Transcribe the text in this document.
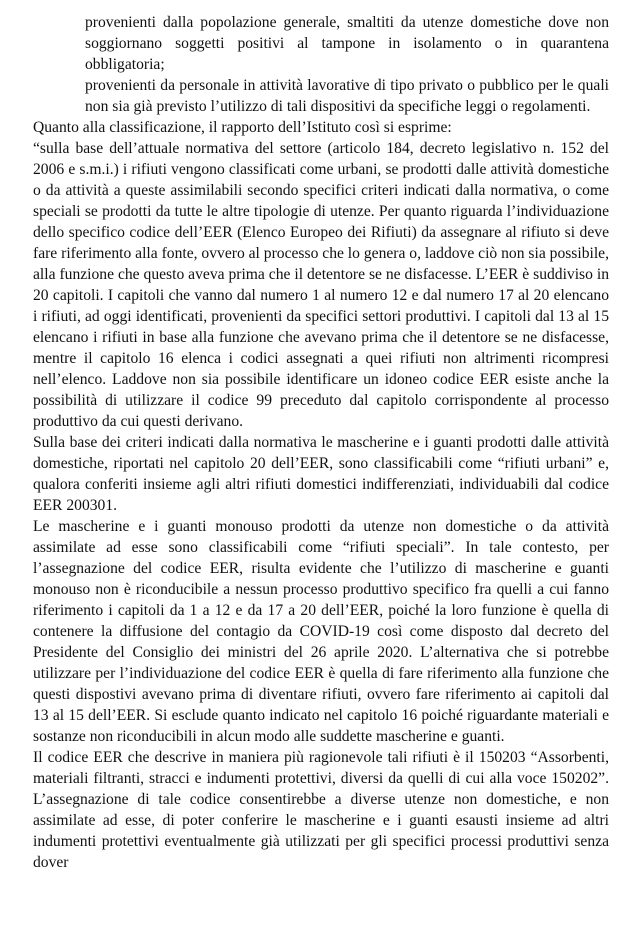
provenienti dalla popolazione generale, smaltiti da utenze domestiche dove non soggiornano soggetti positivi al tampone in isolamento o in quarantena obbligatoria;

provenienti da personale in attività lavorative di tipo privato o pubblico per le quali non sia già previsto l’utilizzo di tali dispositivi da specifiche leggi o regolamenti.

Quanto alla classificazione, il rapporto dell’Istituto così si esprime:

“sulla base dell’attuale normativa del settore (articolo 184, decreto legislativo n. 152 del 2006 e s.m.i.) i rifiuti vengono classificati come urbani, se prodotti dalle attività domestiche o da attività a queste assimilabili secondo specifici criteri indicati dalla normativa, o come speciali se prodotti da tutte le altre tipologie di utenze. Per quanto riguarda l’individuazione dello specifico codice dell’EER (Elenco Europeo dei Rifiuti) da assegnare al rifiuto si deve fare riferimento alla fonte, ovvero al processo che lo genera o, laddove ciò non sia possibile, alla funzione che questo aveva prima che il detentore se ne disfacesse. L’EER è suddiviso in 20 capitoli. I capitoli che vanno dal numero 1 al numero 12 e dal numero 17 al 20 elencano i rifiuti, ad oggi identificati, provenienti da specifici settori produttivi. I capitoli dal 13 al 15 elencano i rifiuti in base alla funzione che avevano prima che il detentore se ne disfacesse, mentre il capitolo 16 elenca i codici assegnati a quei rifiuti non altrimenti ricompresi nell’elenco. Laddove non sia possibile identificare un idoneo codice EER esiste anche la possibilità di utilizzare il codice 99 preceduto dal capitolo corrispondente al processo produttivo da cui questi derivano.

Sulla base dei criteri indicati dalla normativa le mascherine e i guanti prodotti dalle attività domestiche, riportati nel capitolo 20 dell’EER, sono classificabili come “rifiuti urbani” e, qualora conferiti insieme agli altri rifiuti domestici indifferenziati, individuabili dal codice EER 200301.

Le mascherine e i guanti monouso prodotti da utenze non domestiche o da attività assimilate ad esse sono classificabili come “rifiuti speciali”. In tale contesto, per l’assegnazione del codice EER, risulta evidente che l’utilizzo di mascherine e guanti monouso non è riconducibile a nessun processo produttivo specifico fra quelli a cui fanno riferimento i capitoli da 1 a 12 e da 17 a 20 dell’EER, poiché la loro funzione è quella di contenere la diffusione del contagio da COVID-19 così come disposto dal decreto del Presidente del Consiglio dei ministri del 26 aprile 2020. L’alternativa che si potrebbe utilizzare per l’individuazione del codice EER è quella di fare riferimento alla funzione che questi dispostivi avevano prima di diventare rifiuti, ovvero fare riferimento ai capitoli dal 13 al 15 dell’EER. Si esclude quanto indicato nel capitolo 16 poiché riguardante materiali e sostanze non riconducibili in alcun modo alle suddette mascherine e guanti.

Il codice EER che descrive in maniera più ragionevole tali rifiuti è il 150203 “Assorbenti, materiali filtranti, stracci e indumenti protettivi, diversi da quelli di cui alla voce 150202”. L’assegnazione di tale codice consentirebbe a diverse utenze non domestiche, e non assimilate ad esse, di poter conferire le mascherine e i guanti esausti insieme ad altri indumenti protettivi eventualmente già utilizzati per gli specifici processi produttivi senza dover
